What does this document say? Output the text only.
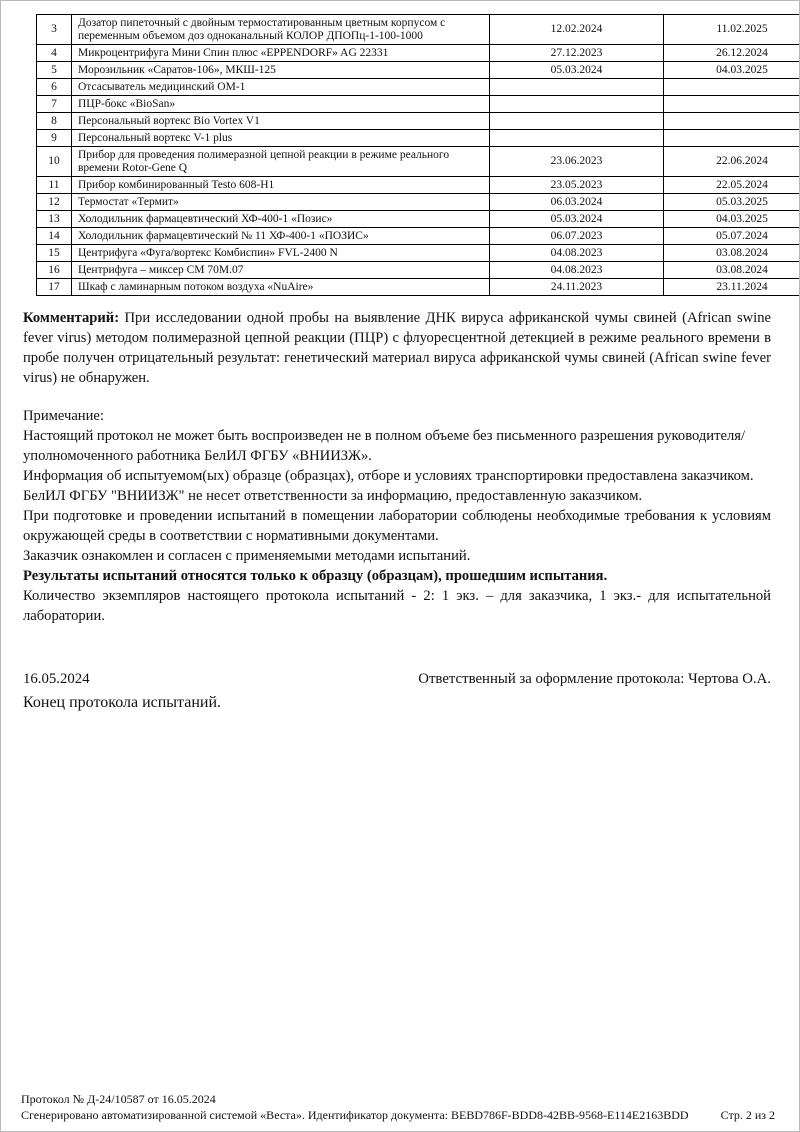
3	Дозатор пипеточный с двойным термостатированным цветным корпусом с переменным объемом доз одноканальный КОЛОР ДПОПц-1-100-1000	12.02.2024	11.02.2025
4	Микроцентрифуга Мини Спин плюс «EPPENDORF» AG 22331	27.12.2023	26.12.2024
5	Морозильник «Саратов-106», МКШ-125	05.03.2024	04.03.2025
6	Отсасыватель медицинский ОМ-1		
7	ПЦР-бокс «BioSan»		
8	Персональный вортекс Bio Vortex V1		
9	Персональный вортекс V-1 plus		
10	Прибор для проведения полимеразной цепной реакции в режиме реального времени Rotor-Gene Q	23.06.2023	22.06.2024
11	Прибор комбинированный Testo 608-H1	23.05.2023	22.05.2024
12	Термостат «Термит»	06.03.2024	05.03.2025
13	Холодильник фармацевтический ХФ-400-1 «Позис»	05.03.2024	04.03.2025
14	Холодильник фармацевтический № 11 ХФ-400-1 «ПОЗИС»	06.07.2023	05.07.2024
15	Центрифуга «Фуга/вортекс Комбиспин» FVL-2400 N	04.08.2023	03.08.2024
16	Центрифуга – миксер СМ 70М.07	04.08.2023	03.08.2024
17	Шкаф с ламинарным потоком воздуха «NuAire»	24.11.2023	23.11.2024

Комментарий: При исследовании одной пробы на выявление ДНК вируса африканской чумы свиней (African swine fever virus) методом полимеразной цепной реакции (ПЦР) с флуоресцентной детекцией в режиме реального времени в пробе получен отрицательный результат: генетический материал вируса африканской чумы свиней (African swine fever virus) не обнаружен.

Примечание:

Настоящий протокол не может быть воспроизведен не в полном объеме без письменного разрешения руководителя/уполномоченного работника БелИЛ ФГБУ «ВНИИЗЖ».

Информация об испытуемом(ых) образце (образцах), отборе и условиях транспортировки предоставлена заказчиком.

БелИЛ ФГБУ "ВНИИЗЖ" не несет ответственности за информацию, предоставленную заказчиком.

При подготовке и проведении испытаний в помещении лаборатории соблюдены необходимые требования к условиям окружающей среды в соответствии с нормативными документами.

Заказчик ознакомлен и согласен с применяемыми методами испытаний.

Результаты испытаний относятся только к образцу (образцам), прошедшим испытания.

Количество экземпляров настоящего протокола испытаний - 2: 1 экз. – для заказчика, 1 экз.- для испытательной лаборатории.

16.05.2024	Ответственный за оформление протокола: Чертова О.А.

Конец протокола испытаний.

Протокол № Д-24/10587 от 16.05.2024
Сгенерировано автоматизированной системой «Веста». Идентификатор документа: BEBD786F-BDD8-42BB-9568-E114E2163BDD	Стр. 2 из 2
